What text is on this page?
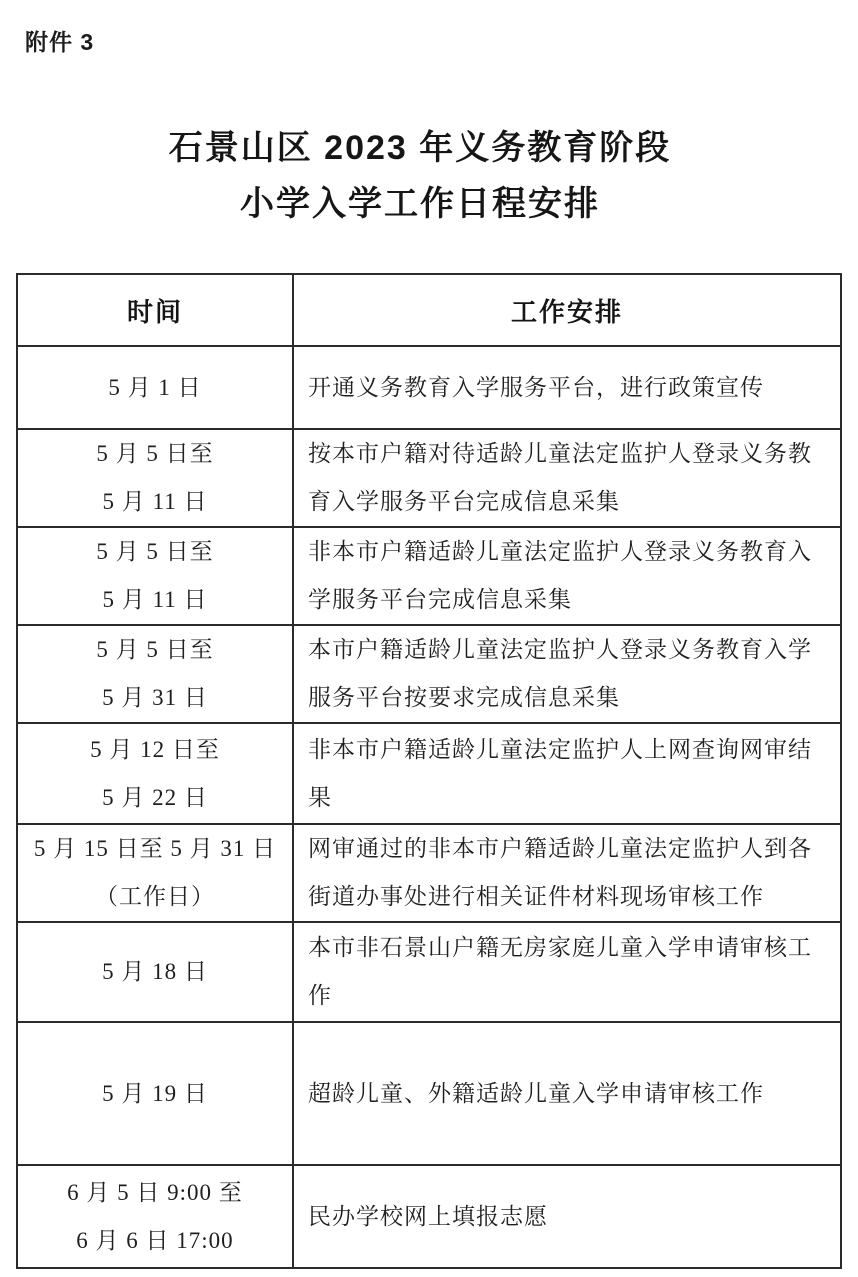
附件 3
石景山区 2023 年义务教育阶段
小学入学工作日程安排
时间	工作安排

5 月 1 日	开通义务教育入学服务平台，进行政策宣传

5 月 5 日至
5 月 11 日	按本市户籍对待适龄儿童法定监护人登录义务教育入学服务平台完成信息采集

5 月 5 日至
5 月 11 日	非本市户籍适龄儿童法定监护人登录义务教育入学服务平台完成信息采集

5 月 5 日至
5 月 31 日	本市户籍适龄儿童法定监护人登录义务教育入学服务平台按要求完成信息采集

5 月 12 日至
5 月 22 日	非本市户籍适龄儿童法定监护人上网查询网审结果

5 月 15 日至 5 月 31 日
（工作日）	网审通过的非本市户籍适龄儿童法定监护人到各街道办事处进行相关证件材料现场审核工作

5 月 18 日	本市非石景山户籍无房家庭儿童入学申请审核工作

5 月 19 日	超龄儿童、外籍适龄儿童入学申请审核工作

6 月 5 日 9:00 至
6 月 6 日 17:00	民办学校网上填报志愿
